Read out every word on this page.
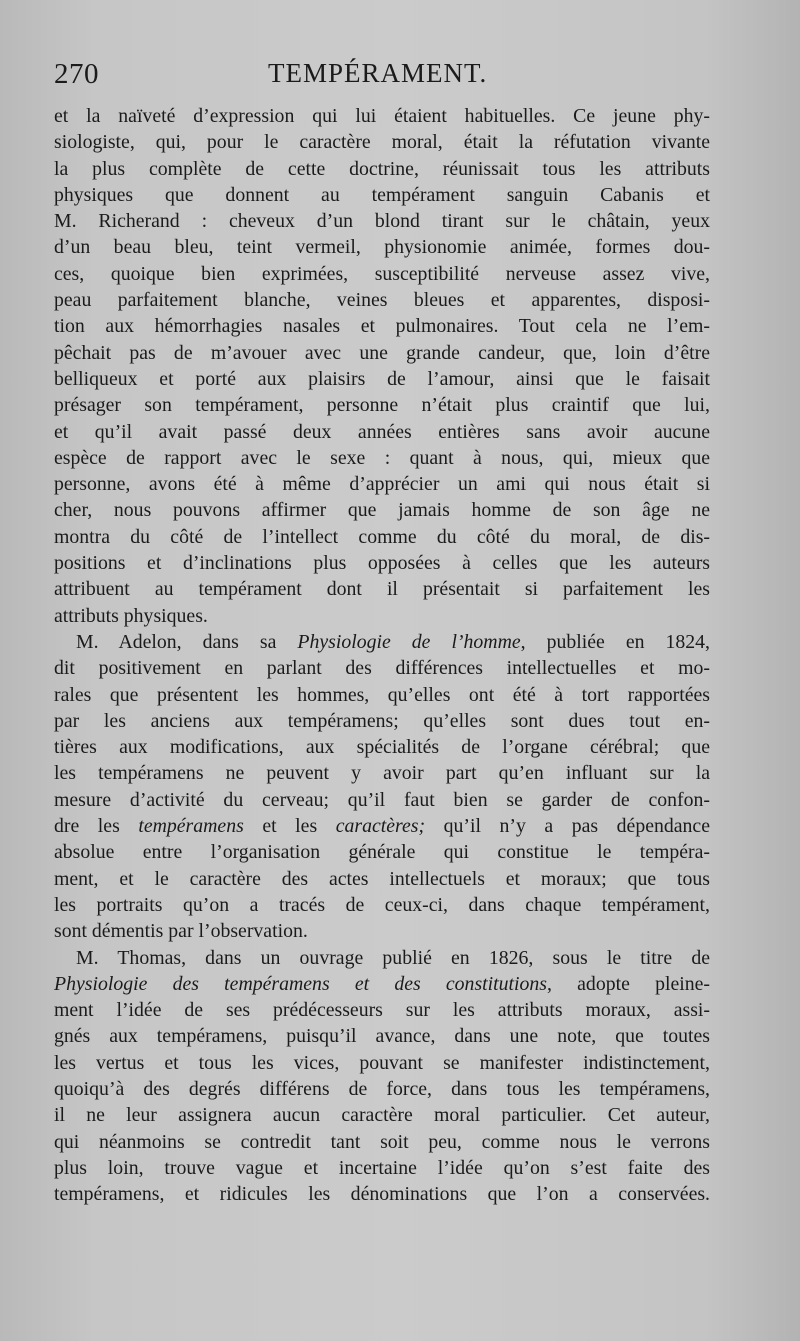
270	TEMPÉRAMENT.
et la naïveté d’expression qui lui étaient habituelles. Ce jeune phy-
siologiste, qui, pour le caractère moral, était la réfutation vivante
la plus complète de cette doctrine, réunissait tous les attributs
physiques que donnent au tempérament sanguin Cabanis et
M. Richerand : cheveux d’un blond tirant sur le châtain, yeux
d’un beau bleu, teint vermeil, physionomie animée, formes dou-
ces, quoique bien exprimées, susceptibilité nerveuse assez vive,
peau parfaitement blanche, veines bleues et apparentes, disposi-
tion aux hémorrhagies nasales et pulmonaires. Tout cela ne l’em-
pêchait pas de m’avouer avec une grande candeur, que, loin d’être
belliqueux et porté aux plaisirs de l’amour, ainsi que le faisait
présager son tempérament, personne n’était plus craintif que lui,
et qu’il avait passé deux années entières sans avoir aucune
espèce de rapport avec le sexe : quant à nous, qui, mieux que
personne, avons été à même d’apprécier un ami qui nous était si
cher, nous pouvons affirmer que jamais homme de son âge ne
montra du côté de l’intellect comme du côté du moral, de dis-
positions et d’inclinations plus opposées à celles que les auteurs
attribuent au tempérament dont il présentait si parfaitement les
attributs physiques.
M. Adelon, dans sa Physiologie de l’homme, publiée en 1824,
dit positivement en parlant des différences intellectuelles et mo-
rales que présentent les hommes, qu’elles ont été à tort rapportées
par les anciens aux tempéramens; qu’elles sont dues tout en-
tières aux modifications, aux spécialités de l’organe cérébral; que
les tempéramens ne peuvent y avoir part qu’en influant sur la
mesure d’activité du cerveau; qu’il faut bien se garder de confon-
dre les tempéramens et les caractères; qu’il n’y a pas dépendance
absolue entre l’organisation générale qui constitue le tempéra-
ment, et le caractère des actes intellectuels et moraux; que tous
les portraits qu’on a tracés de ceux-ci, dans chaque tempérament,
sont démentis par l’observation.
M. Thomas, dans un ouvrage publié en 1826, sous le titre de
Physiologie des tempéramens et des constitutions, adopte pleine-
ment l’idée de ses prédécesseurs sur les attributs moraux, assi-
gnés aux tempéramens, puisqu’il avance, dans une note, que toutes
les vertus et tous les vices, pouvant se manifester indistinctement,
quoiqu’à des degrés différens de force, dans tous les tempéramens,
il ne leur assignera aucun caractère moral particulier. Cet auteur,
qui néanmoins se contredit tant soit peu, comme nous le verrons
plus loin, trouve vague et incertaine l’idée qu’on s’est faite des
tempéramens, et ridicules les dénominations que l’on a conservées.
